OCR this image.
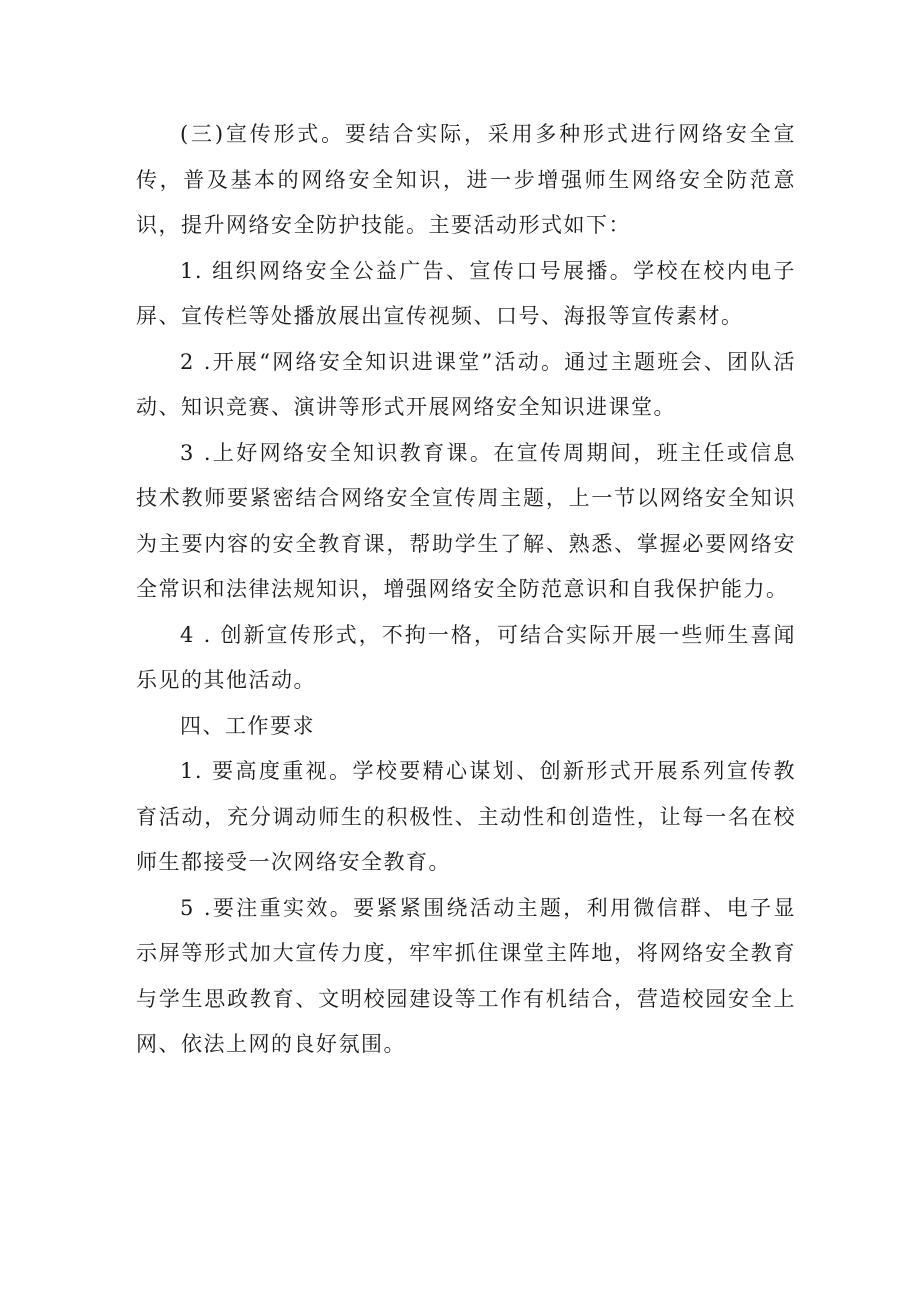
(三)宣传形式。要结合实际，采用多种形式进行网络安全宣传，普及基本的网络安全知识，进一步增强师生网络安全防范意识，提升网络安全防护技能。主要活动形式如下：

1. 组织网络安全公益广告、宣传口号展播。学校在校内电子屏、宣传栏等处播放展出宣传视频、口号、海报等宣传素材。

2 .开展“网络安全知识进课堂”活动。通过主题班会、团队活动、知识竞赛、演讲等形式开展网络安全知识进课堂。

3 .上好网络安全知识教育课。在宣传周期间，班主任或信息技术教师要紧密结合网络安全宣传周主题，上一节以网络安全知识为主要内容的安全教育课，帮助学生了解、熟悉、掌握必要网络安全常识和法律法规知识，增强网络安全防范意识和自我保护能力。

4 . 创新宣传形式，不拘一格，可结合实际开展一些师生喜闻乐见的其他活动。

四、工作要求

1. 要高度重视。学校要精心谋划、创新形式开展系列宣传教育活动，充分调动师生的积极性、主动性和创造性，让每一名在校师生都接受一次网络安全教育。

5 .要注重实效。要紧紧围绕活动主题，利用微信群、电子显示屏等形式加大宣传力度，牢牢抓住课堂主阵地，将网络安全教育与学生思政教育、文明校园建设等工作有机结合，营造校园安全上网、依法上网的良好氛围。
